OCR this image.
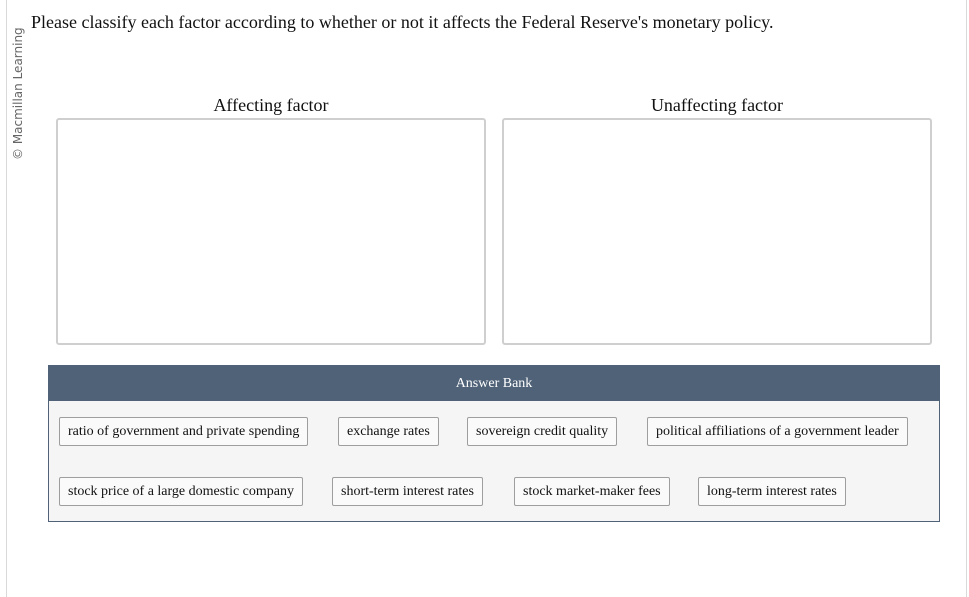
© Macmillan Learning
Please classify each factor according to whether or not it affects the Federal Reserve's monetary policy.
Affecting factor	Unaffecting factor
Answer Bank
ratio of government and private spending	exchange rates	sovereign credit quality	political affiliations of a government leader
stock price of a large domestic company	short-term interest rates	stock market-maker fees	long-term interest rates
